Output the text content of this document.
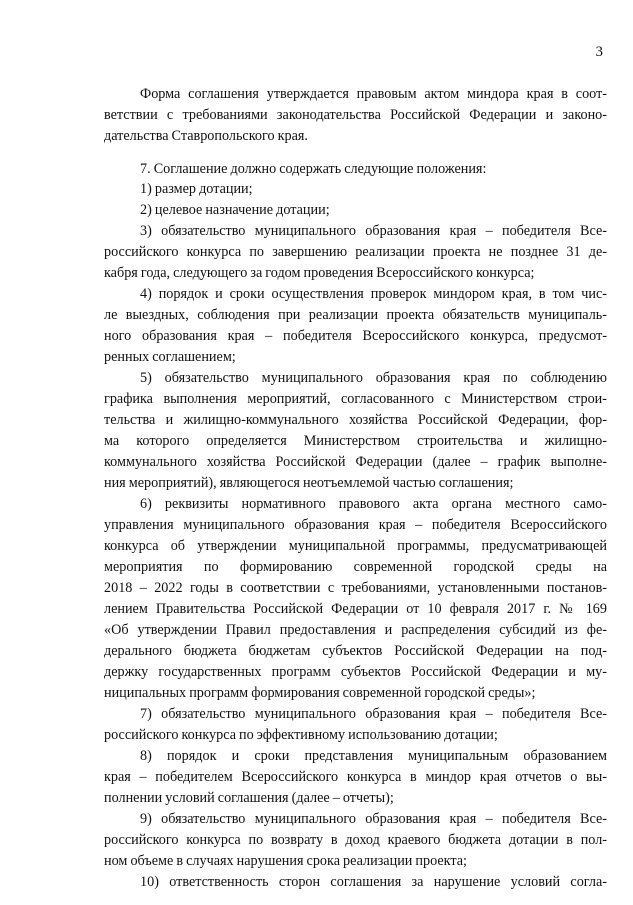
3
Форма соглашения утверждается правовым актом миндора края в соот-
ветствии с требованиями законодательства Российской Федерации и законо-
дательства Ставропольского края.
7. Соглашение должно содержать следующие положения:
1) размер дотации;
2) целевое назначение дотации;
3) обязательство муниципального образования края – победителя Все-
российского конкурса по завершению реализации проекта не позднее 31 де-
кабря года, следующего за годом проведения Всероссийского конкурса;
4) порядок и сроки осуществления проверок миндором края, в том чис-
ле выездных, соблюдения при реализации проекта обязательств муниципаль-
ного образования края – победителя Всероссийского конкурса, предусмот-
ренных соглашением;
5) обязательство муниципального образования края по соблюдению
графика выполнения мероприятий, согласованного с Министерством строи-
тельства и жилищно-коммунального хозяйства Российской Федерации, фор-
ма которого определяется Министерством строительства и жилищно-
коммунального хозяйства Российской Федерации (далее – график выполне-
ния мероприятий), являющегося неотъемлемой частью соглашения;
6) реквизиты нормативного правового акта органа местного само-
управления муниципального образования края – победителя Всероссийского
конкурса об утверждении муниципальной программы, предусматривающей
мероприятия по формированию современной городской среды на
2018 – 2022 годы в соответствии с требованиями, установленными постанов-
лением Правительства Российской Федерации от 10 февраля 2017 г. № 169
«Об утверждении Правил предоставления и распределения субсидий из фе-
дерального бюджета бюджетам субъектов Российской Федерации на под-
держку государственных программ субъектов Российской Федерации и му-
ниципальных программ формирования современной городской среды»;
7) обязательство муниципального образования края – победителя Все-
российского конкурса по эффективному использованию дотации;
8) порядок и сроки представления муниципальным образованием
края – победителем Всероссийского конкурса в миндор края отчетов о вы-
полнении условий соглашения (далее – отчеты);
9) обязательство муниципального образования края – победителя Все-
российского конкурса по возврату в доход краевого бюджета дотации в пол-
ном объеме в случаях нарушения срока реализации проекта;
10) ответственность сторон соглашения за нарушение условий согла-
